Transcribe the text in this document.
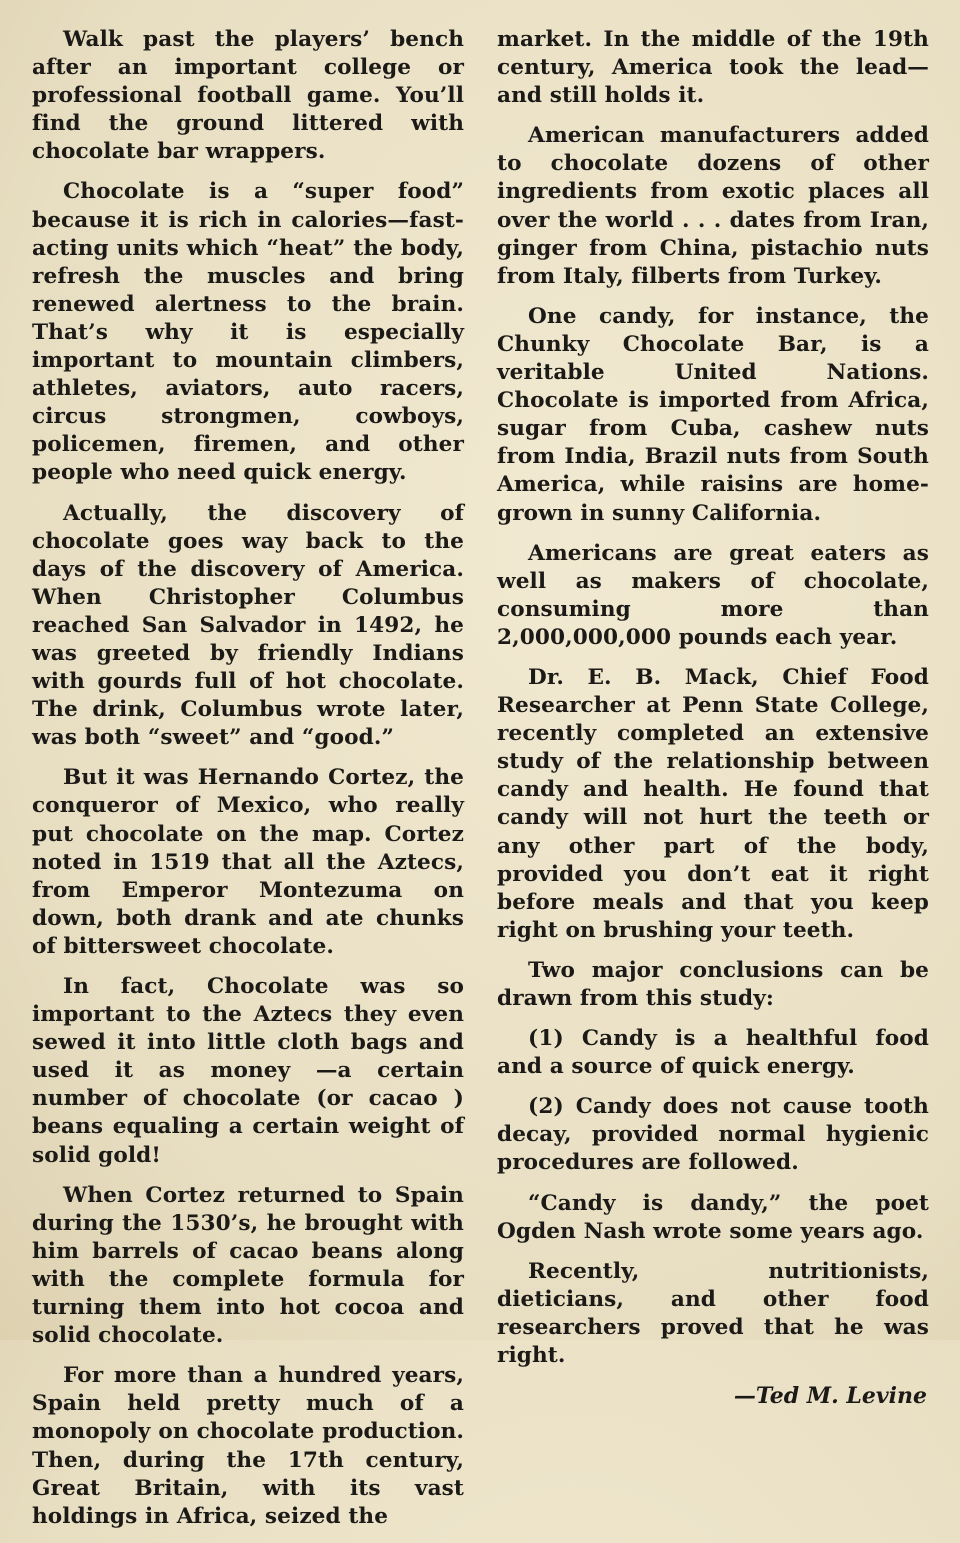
Walk past the players’ bench after an important college or professional football game. You’ll find the ground littered with chocolate bar wrappers.

Chocolate is a “super food” because it is rich in calories—fast-acting units which “heat” the body, refresh the muscles and bring renewed alertness to the brain. That’s why it is especially important to mountain climbers, athletes, aviators, auto racers, circus strongmen, cowboys, policemen, firemen, and other people who need quick energy.

Actually, the discovery of chocolate goes way back to the days of the discovery of America. When Christopher Columbus reached San Salvador in 1492, he was greeted by friendly Indians with gourds full of hot chocolate. The drink, Columbus wrote later, was both “sweet” and “good.”

But it was Hernando Cortez, the conqueror of Mexico, who really put chocolate on the map. Cortez noted in 1519 that all the Aztecs, from Emperor Montezuma on down, both drank and ate chunks of bittersweet chocolate.

In fact, Chocolate was so important to the Aztecs they even sewed it into little cloth bags and used it as money —a certain number of chocolate (or cacao ) beans equaling a certain weight of solid gold!

When Cortez returned to Spain during the 1530’s, he brought with him barrels of cacao beans along with the complete formula for turning them into hot cocoa and solid chocolate.

For more than a hundred years, Spain held pretty much of a monopoly on chocolate production. Then, during the 17th century, Great Britain, with its vast holdings in Africa, seized the

market. In the middle of the 19th century, America took the lead—and still holds it.

American manufacturers added to chocolate dozens of other ingredients from exotic places all over the world . . . dates from Iran, ginger from China, pistachio nuts from Italy, filberts from Turkey.

One candy, for instance, the Chunky Chocolate Bar, is a veritable United Nations. Chocolate is imported from Africa, sugar from Cuba, cashew nuts from India, Brazil nuts from South America, while raisins are home-grown in sunny California.

Americans are great eaters as well as makers of chocolate, consuming more than 2,000,000,000 pounds each year.

Dr. E. B. Mack, Chief Food Researcher at Penn State College, recently completed an extensive study of the relationship between candy and health. He found that candy will not hurt the teeth or any other part of the body, provided you don’t eat it right before meals and that you keep right on brushing your teeth.

Two major conclusions can be drawn from this study:

(1) Candy is a healthful food and a source of quick energy.

(2) Candy does not cause tooth decay, provided normal hygienic procedures are followed.

“Candy is dandy,” the poet Ogden Nash wrote some years ago.

Recently, nutritionists, dieticians, and other food researchers proved that he was right.

—Ted M. Levine
